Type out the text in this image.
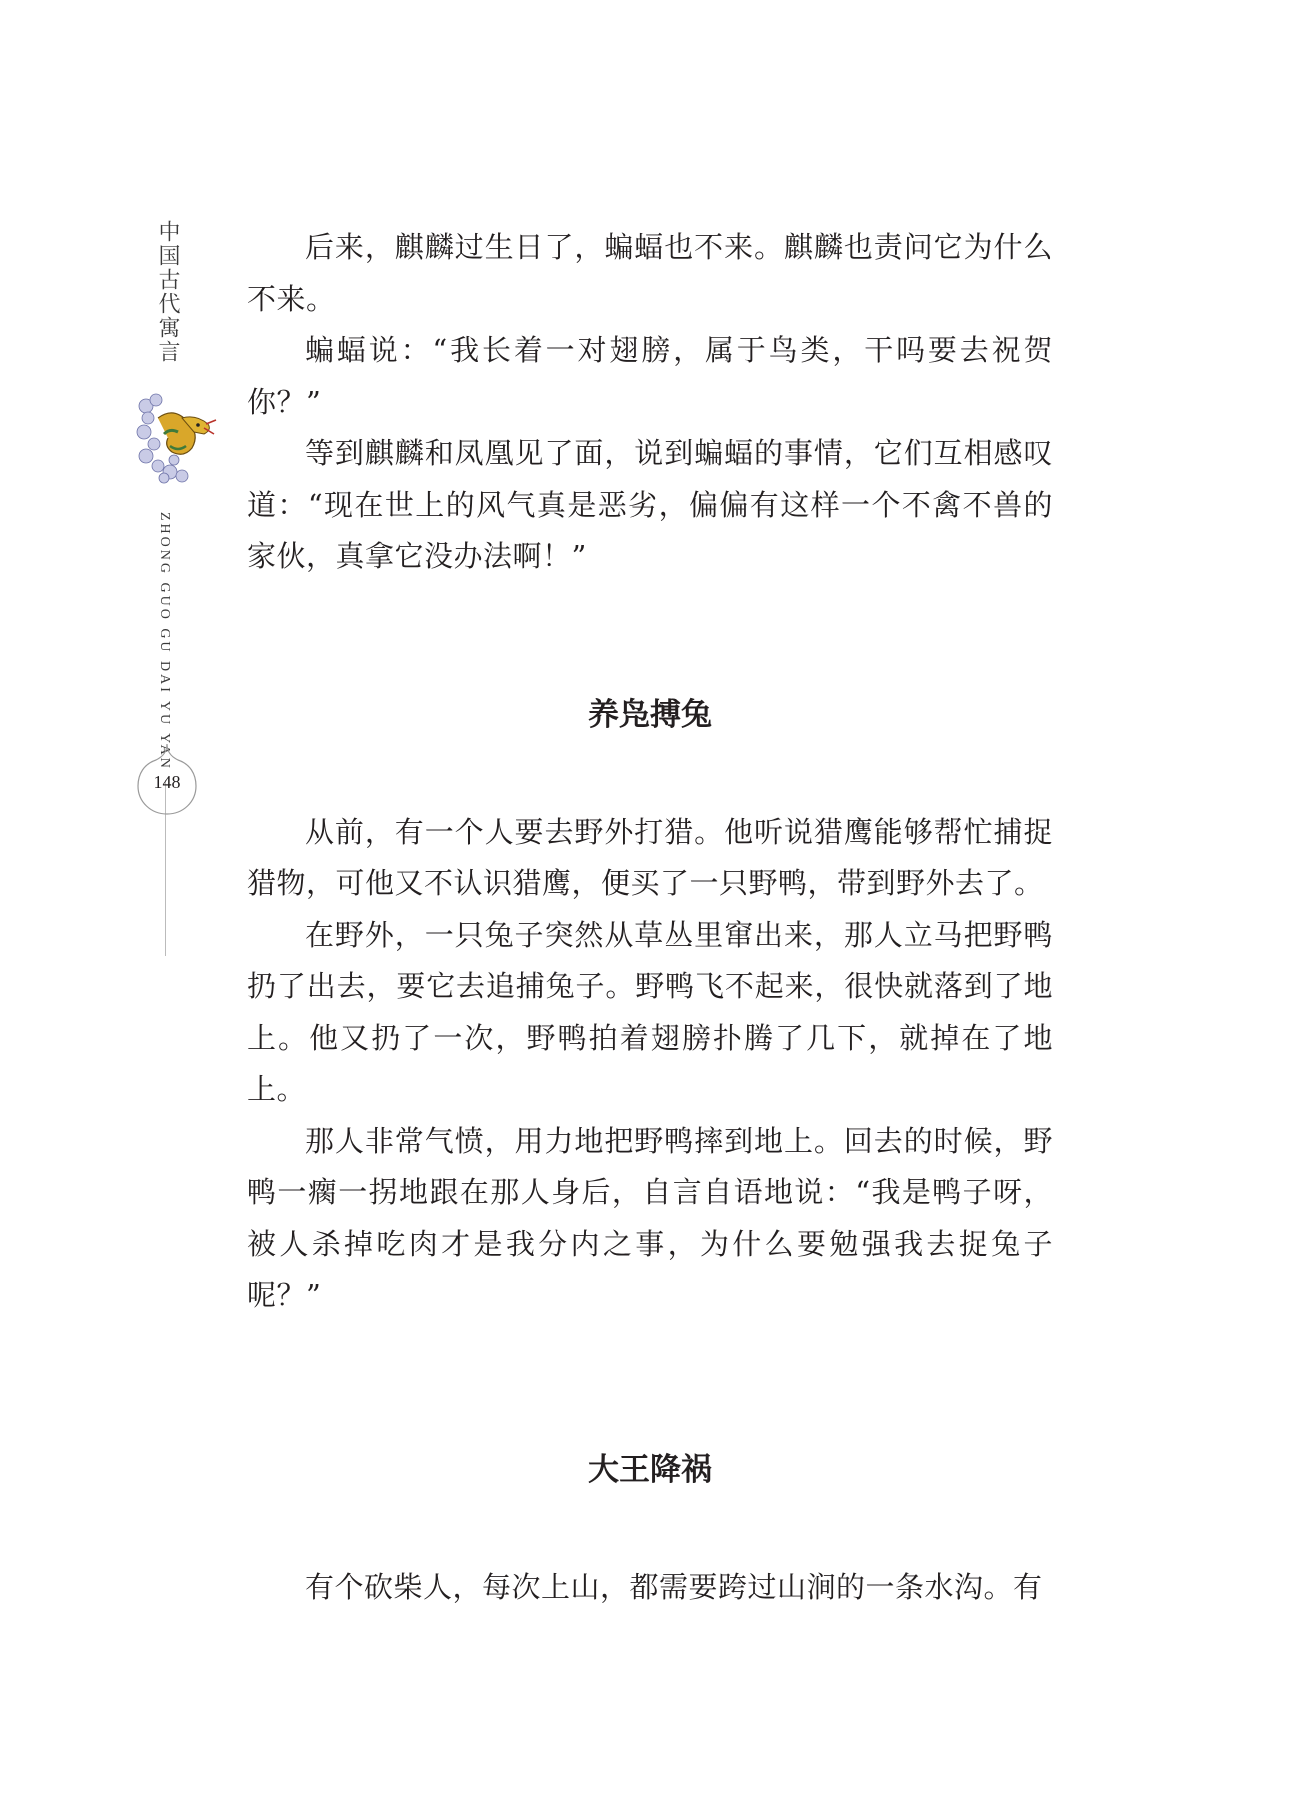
中国古代寓言
ZHONG GUO GU DAI YU YAN
148

后来，麒麟过生日了，蝙蝠也不来。麒麟也责问它为什么不来。

蝙蝠说：“我长着一对翅膀，属于鸟类，干吗要去祝贺你？”

等到麒麟和凤凰见了面，说到蝙蝠的事情，它们互相感叹道：“现在世上的风气真是恶劣，偏偏有这样一个不禽不兽的家伙，真拿它没办法啊！”

养凫搏兔

从前，有一个人要去野外打猎。他听说猎鹰能够帮忙捕捉猎物，可他又不认识猎鹰，便买了一只野鸭，带到野外去了。

在野外，一只兔子突然从草丛里窜出来，那人立马把野鸭扔了出去，要它去追捕兔子。野鸭飞不起来，很快就落到了地上。他又扔了一次，野鸭拍着翅膀扑腾了几下，就掉在了地上。

那人非常气愤，用力地把野鸭摔到地上。回去的时候，野鸭一瘸一拐地跟在那人身后，自言自语地说：“我是鸭子呀，被人杀掉吃肉才是我分内之事，为什么要勉强我去捉兔子呢？”

大王降祸

有个砍柴人，每次上山，都需要跨过山涧的一条水沟。有
